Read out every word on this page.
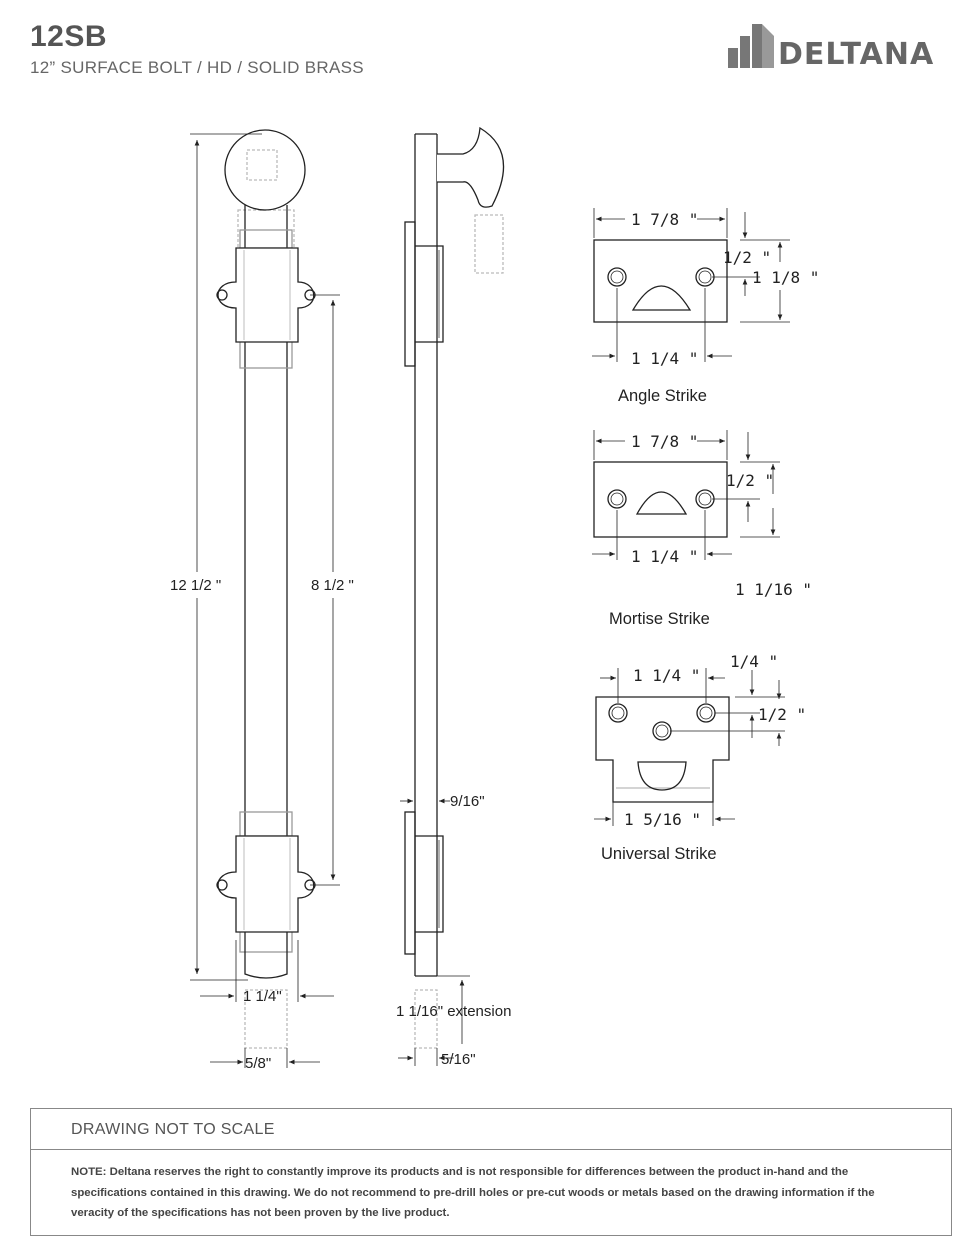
12SB
12” SURFACE BOLT / HD / SOLID BRASS	DELTANA
12 1/2 "	8 1/2 "
1 1/4"
5/8"
9/16"
1 1/16" extension
5/16"
1 7/8 "
1 1/4 "
1/2 "
1 1/8 "
Angle Strike
1 7/8 "
1 1/4 "
1/2 "
1 1/16 "
Mortise Strike
1 1/4 "
1/4 "
1/2 "
1 5/16 "
Universal Strike
DRAWING NOT TO SCALE
NOTE: Deltana reserves the right to constantly improve its products and is not responsible for differences between the product in-hand and the specifications contained in this drawing. We do not recommend to pre-drill holes or pre-cut woods or metals based on the drawing information if the veracity of the specifications has not been proven by the live product.
